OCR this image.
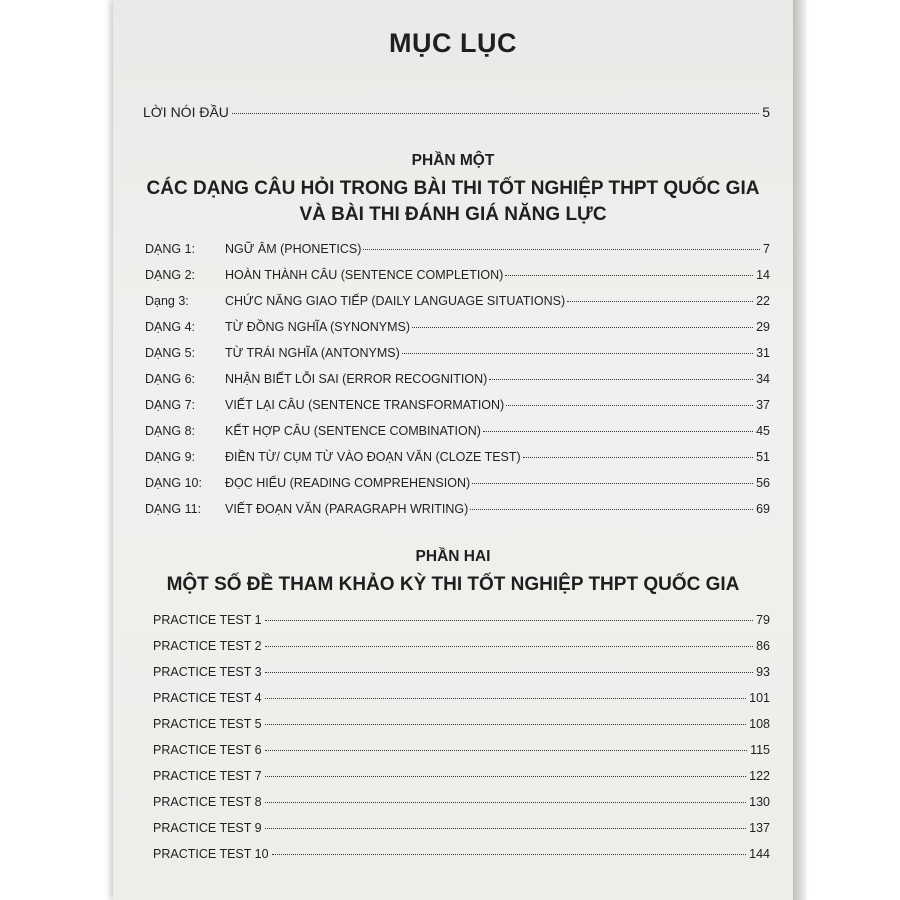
MỤC LỤC
LỜI NÓI ĐẦU	5
PHẦN MỘT
CÁC DẠNG CÂU HỎI TRONG BÀI THI TỐT NGHIỆP THPT QUỐC GIA
VÀ BÀI THI ĐÁNH GIÁ NĂNG LỰC
DẠNG 1:	NGỮ ÂM (PHONETICS)	7
DẠNG 2:	HOÀN THÀNH CÂU (SENTENCE COMPLETION)	14
Dạng 3:	CHỨC NĂNG GIAO TIẾP (DAILY LANGUAGE SITUATIONS)	22
DẠNG 4:	TỪ ĐỒNG NGHĨA (SYNONYMS)	29
DẠNG 5:	TỪ TRÁI NGHĨA (ANTONYMS)	31
DẠNG 6:	NHẬN BIẾT LỖI SAI (ERROR RECOGNITION)	34
DẠNG 7:	VIẾT LẠI CÂU (SENTENCE TRANSFORMATION)	37
DẠNG 8:	KẾT HỢP CÂU (SENTENCE COMBINATION)	45
DẠNG 9:	ĐIỀN TỪ/ CỤM TỪ VÀO ĐOẠN VĂN (CLOZE TEST)	51
DẠNG 10:	ĐỌC HIỂU (READING COMPREHENSION)	56
DẠNG 11:	VIẾT ĐOẠN VĂN (PARAGRAPH WRITING)	69
PHẦN HAI
MỘT SỐ ĐỀ THAM KHẢO KỲ THI TỐT NGHIỆP THPT QUỐC GIA
PRACTICE TEST 1	79
PRACTICE TEST 2	86
PRACTICE TEST 3	93
PRACTICE TEST 4	101
PRACTICE TEST 5	108
PRACTICE TEST 6	115
PRACTICE TEST 7	122
PRACTICE TEST 8	130
PRACTICE TEST 9	137
PRACTICE TEST 10	144
